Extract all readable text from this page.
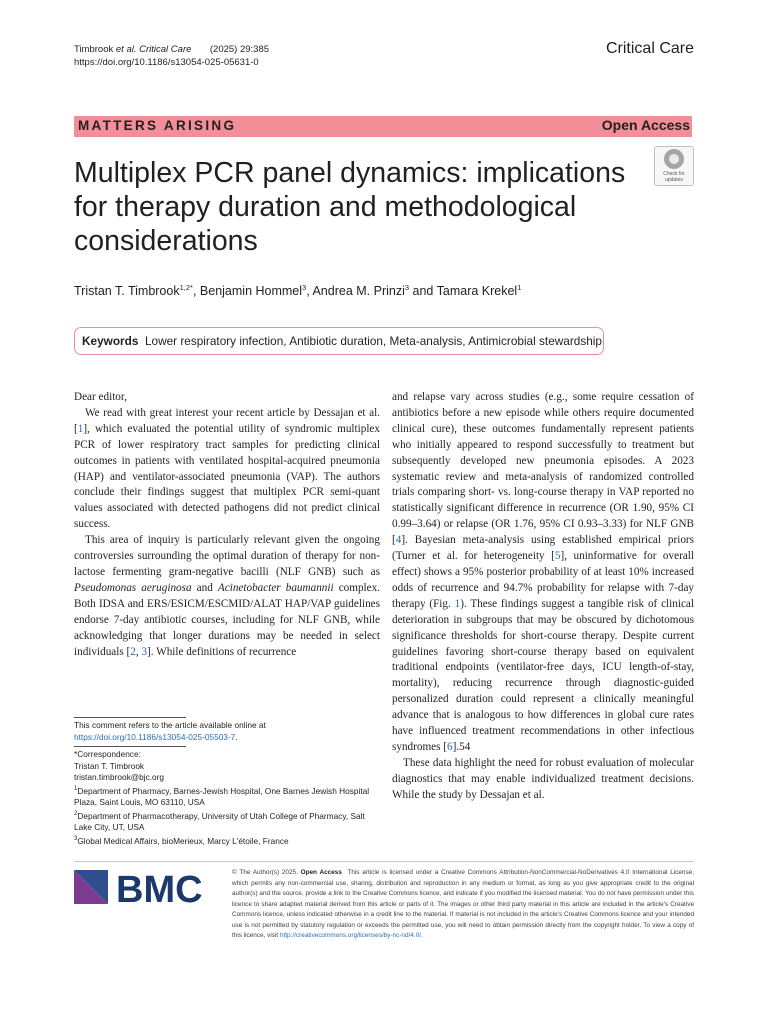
Timbrook et al. Critical Care (2025) 29:385
https://doi.org/10.1186/s13054-025-05631-0
Critical Care
MATTERS ARISING	Open Access
Multiplex PCR panel dynamics: implications for therapy duration and methodological considerations
Check for updates
Tristan T. Timbrook$^{1,2*}$, Benjamin Hommel$^3$, Andrea M. Prinzi$^3$ and Tamara Krekel$^1$
Keywords Lower respiratory infection, Antibiotic duration, Meta-analysis, Antimicrobial stewardship

Dear editor,

We read with great interest your recent article by Dessajan et al. [1], which evaluated the potential utility of syndromic multiplex PCR of lower respiratory tract samples for predicting clinical outcomes in patients with ventilated hospital-acquired pneumonia (HAP) and ventilator-associated pneumonia (VAP). The authors conclude their findings suggest that multiplex PCR semi-quant values associated with detected pathogens did not predict clinical success.

This area of inquiry is particularly relevant given the ongoing controversies surrounding the optimal duration of therapy for non-lactose fermenting gram-negative bacilli (NLF GNB) such as Pseudomonas aeruginosa and Acinetobacter baumannii complex. Both IDSA and ERS/ESICM/ESCMID/ALAT HAP/VAP guidelines endorse 7-day antibiotic courses, including for NLF GNB, while acknowledging that longer durations may be needed in select individuals [2, 3]. While definitions of recurrence

This comment refers to the article available online at https://doi.org/10.1186/s13054-025-05503-7.
*Correspondence:
Tristan T. Timbrook
tristan.timbrook@bjc.org
$^1$Department of Pharmacy, Barnes-Jewish Hospital, One Barnes Jewish Hospital Plaza, Saint Louis, MO 63110, USA
$^2$Department of Pharmacotherapy, University of Utah College of Pharmacy, Salt Lake City, UT, USA
$^3$Global Medical Affairs, bioMerieux, Marcy L'étoile, France

and relapse vary across studies (e.g., some require cessation of antibiotics before a new episode while others require documented clinical cure), these outcomes fundamentally represent patients who initially appeared to respond successfully to treatment but subsequently developed new pneumonia episodes. A 2023 systematic review and meta-analysis of randomized controlled trials comparing short- vs. long-course therapy in VAP reported no statistically significant difference in recurrence (OR 1.90, 95% CI 0.99–3.64) or relapse (OR 1.76, 95% CI 0.93–3.33) for NLF GNB [4]. Bayesian meta-analysis using established empirical priors (Turner et al. for heterogeneity [5], uninformative for overall effect) shows a 95% posterior probability of at least 10% increased odds of recurrence and 94.7% probability for relapse with 7-day therapy (Fig. 1). These findings suggest a tangible risk of clinical deterioration in subgroups that may be obscured by dichotomous significance thresholds for short-course therapy. Despite current guidelines favoring short-course therapy based on equivalent traditional endpoints (ventilator-free days, ICU length-of-stay, mortality), reducing recurrence through diagnostic-guided personalized duration could represent a clinically meaningful advance that is analogous to how differences in global cure rates have influenced treatment recommendations in other infectious syndromes [6].54

These data highlight the need for robust evaluation of molecular diagnostics that may enable individualized treatment decisions. While the study by Dessajan et al.

BMC	© The Author(s) 2025. Open Access This article is licensed under a Creative Commons Attribution-NonCommercial-NoDerivatives 4.0 International License, which permits any non-commercial use, sharing, distribution and reproduction in any medium or format, as long as you give appropriate credit to the original author(s) and the source, provide a link to the Creative Commons licence, and indicate if you modified the licensed material. You do not have permission under this licence to share adapted material derived from this article or parts of it. The images or other third party material in this article are included in the article's Creative Commons licence, unless indicated otherwise in a credit line to the material. If material is not included in the article's Creative Commons licence and your intended use is not permitted by statutory regulation or exceeds the permitted use, you will need to obtain permission directly from the copyright holder. To view a copy of this licence, visit http://creativecommons.org/licenses/by-nc-nd/4.0/.
